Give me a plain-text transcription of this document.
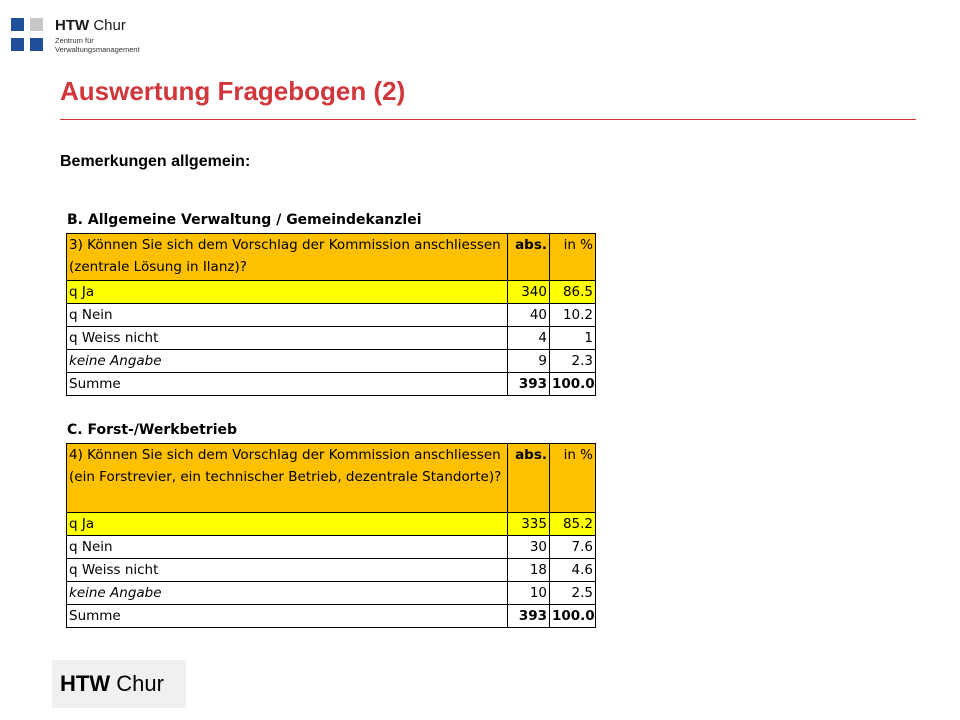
HTW Chur
Zentrum für
Verwaltungsmanagement
Auswertung Fragebogen (2)
Bemerkungen allgemein:
B. Allgemeine Verwaltung / Gemeindekanzlei
3) Können Sie sich dem Vorschlag der Kommission anschliessen (zentrale Lösung in Ilanz)?	abs.	in %
q Ja	340	86.5
q Nein	40	10.2
q Weiss nicht	4	1
keine Angabe	9	2.3
Summe	393	100.0
C. Forst-/Werkbetrieb
4) Können Sie sich dem Vorschlag der Kommission anschliessen (ein Forstrevier, ein technischer Betrieb, dezentrale Standorte)?	abs.	in %
q Ja	335	85.2
q Nein	30	7.6
q Weiss nicht	18	4.6
keine Angabe	10	2.5
Summe	393	100.0
HTW Chur
